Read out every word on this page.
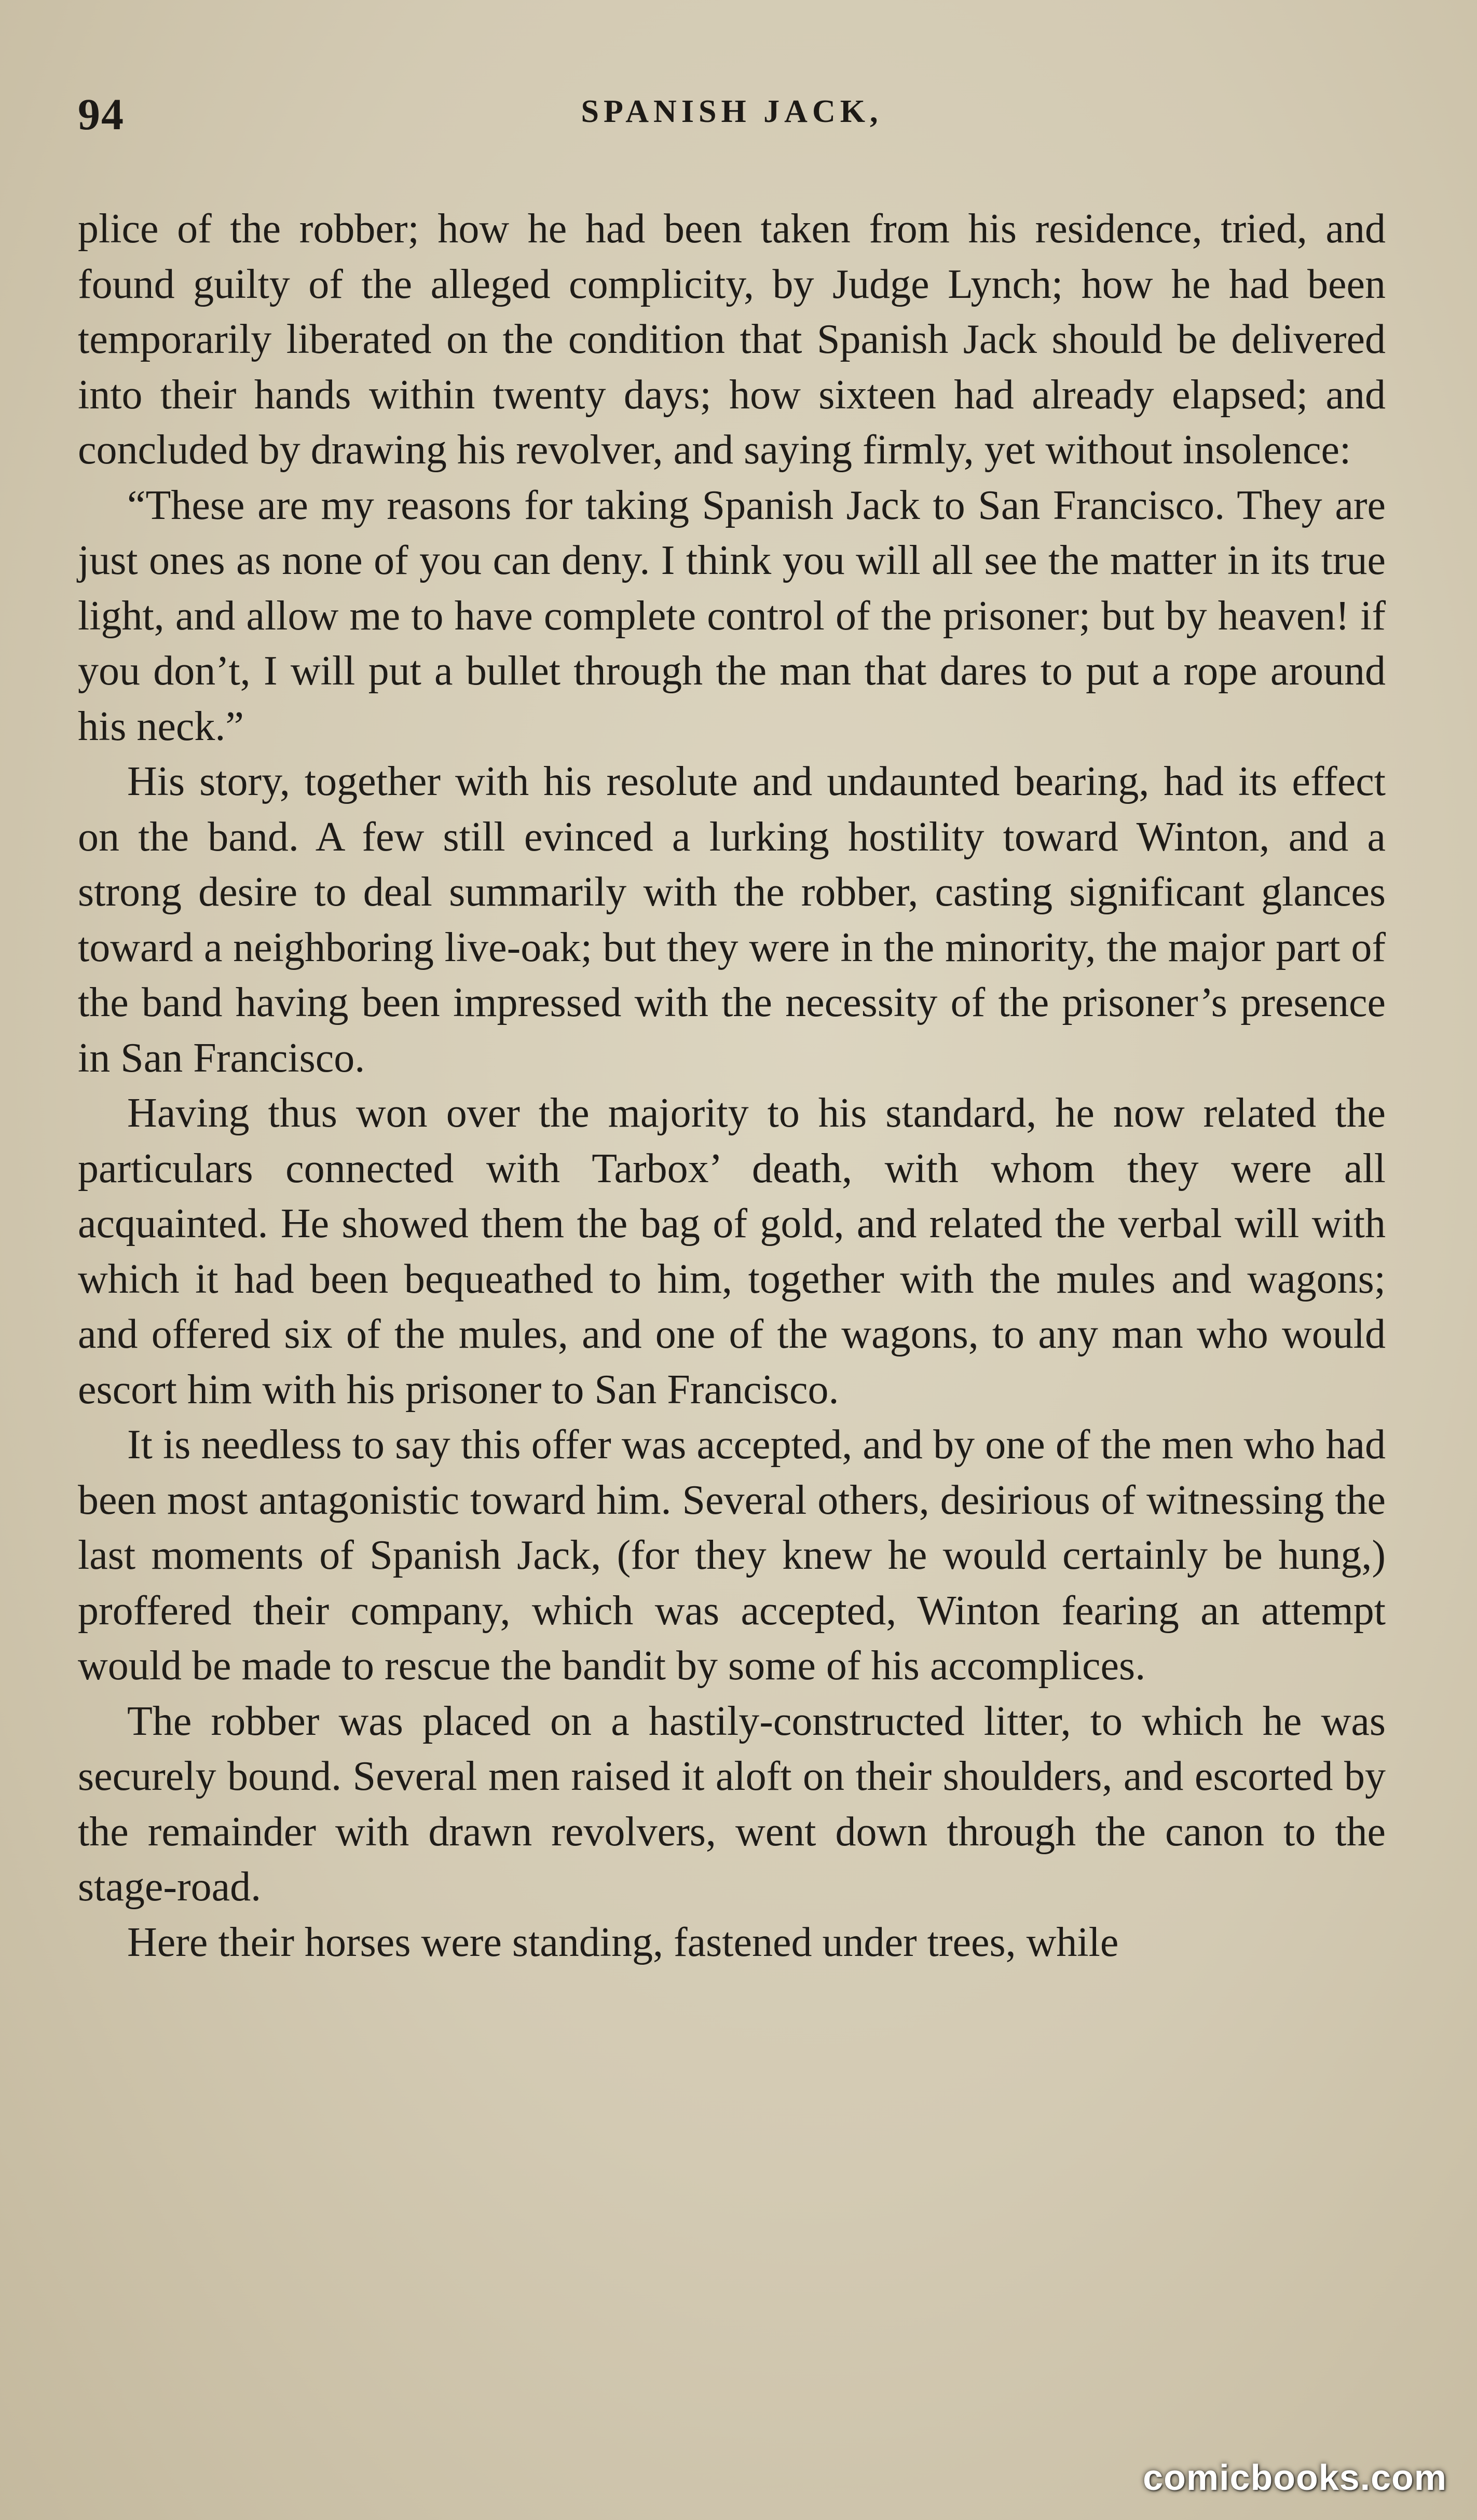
94	SPANISH JACK,

plice of the robber; how he had been taken from his residence, tried, and found guilty of the alleged complicity, by Judge Lynch; how he had been temporarily liberated on the condition that Spanish Jack should be delivered into their hands within twenty days; how sixteen had already elapsed; and concluded by drawing his revolver, and saying firmly, yet without insolence:

“These are my reasons for taking Spanish Jack to San Francisco. They are just ones as none of you can deny. I think you will all see the matter in its true light, and allow me to have complete control of the prisoner; but by heaven! if you don’t, I will put a bullet through the man that dares to put a rope around his neck.”

His story, together with his resolute and undaunted bearing, had its effect on the band. A few still evinced a lurking hostility toward Winton, and a strong desire to deal summarily with the robber, casting significant glances toward a neighboring live-oak; but they were in the minority, the major part of the band having been impressed with the necessity of the prisoner’s presence in San Francisco.

Having thus won over the majority to his standard, he now related the particulars connected with Tarbox’ death, with whom they were all acquainted. He showed them the bag of gold, and related the verbal will with which it had been bequeathed to him, together with the mules and wagons; and offered six of the mules, and one of the wagons, to any man who would escort him with his prisoner to San Francisco.

It is needless to say this offer was accepted, and by one of the men who had been most antagonistic toward him. Several others, desirious of witnessing the last moments of Spanish Jack, (for they knew he would certainly be hung,) proffered their company, which was accepted, Winton fearing an attempt would be made to rescue the bandit by some of his accomplices.

The robber was placed on a hastily-constructed litter, to which he was securely bound. Several men raised it aloft on their shoulders, and escorted by the remainder with drawn revolvers, went down through the canon to the stage-road.

Here their horses were standing, fastened under trees, while

comicbooks.com
